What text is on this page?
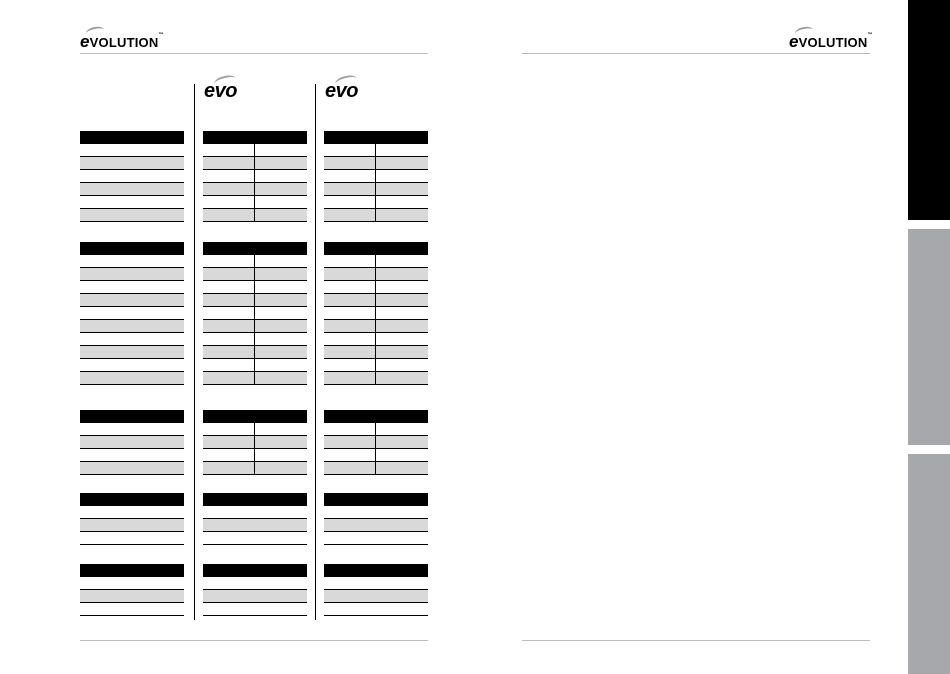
eVOLUTION™	eVOLUTION™
evo	evo
